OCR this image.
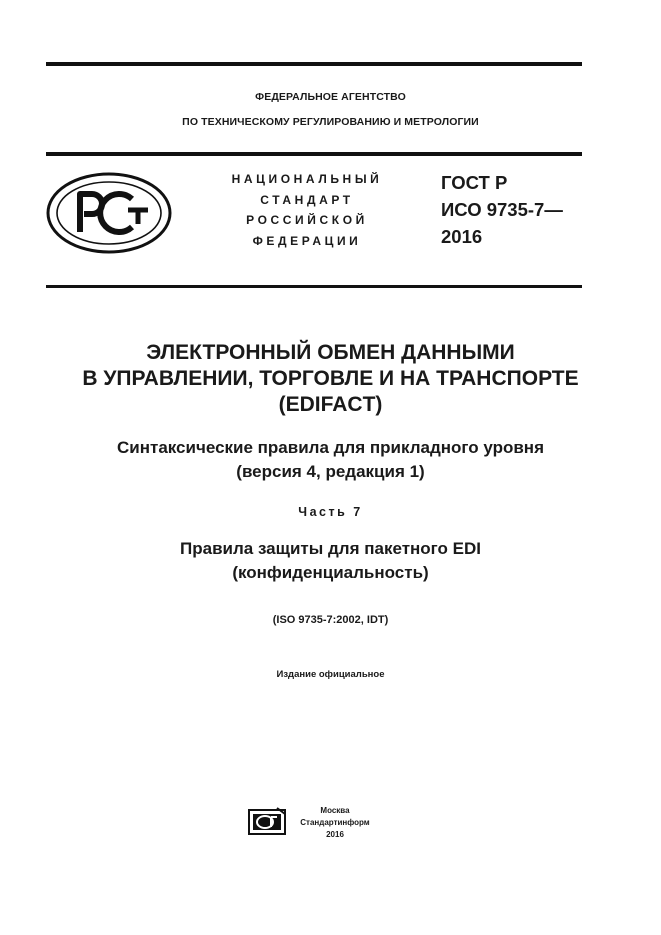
ФЕДЕРАЛЬНОЕ АГЕНТСТВО
ПО ТЕХНИЧЕСКОМУ РЕГУЛИРОВАНИЮ И МЕТРОЛОГИИ
НАЦИОНАЛЬНЫЙ
СТАНДАРТ
РОССИЙСКОЙ
ФЕДЕРАЦИИ
ГОСТ Р
ИСО 9735-7—
2016
ЭЛЕКТРОННЫЙ ОБМЕН ДАННЫМИ
В УПРАВЛЕНИИ, ТОРГОВЛЕ И НА ТРАНСПОРТЕ
(EDIFACT)
Синтаксические правила для прикладного уровня
(версия 4, редакция 1)
Часть 7
Правила защиты для пакетного EDI
(конфиденциальность)
(ISO 9735-7:2002, IDT)
Издание официальное
Москва
Стандартинформ
2016
